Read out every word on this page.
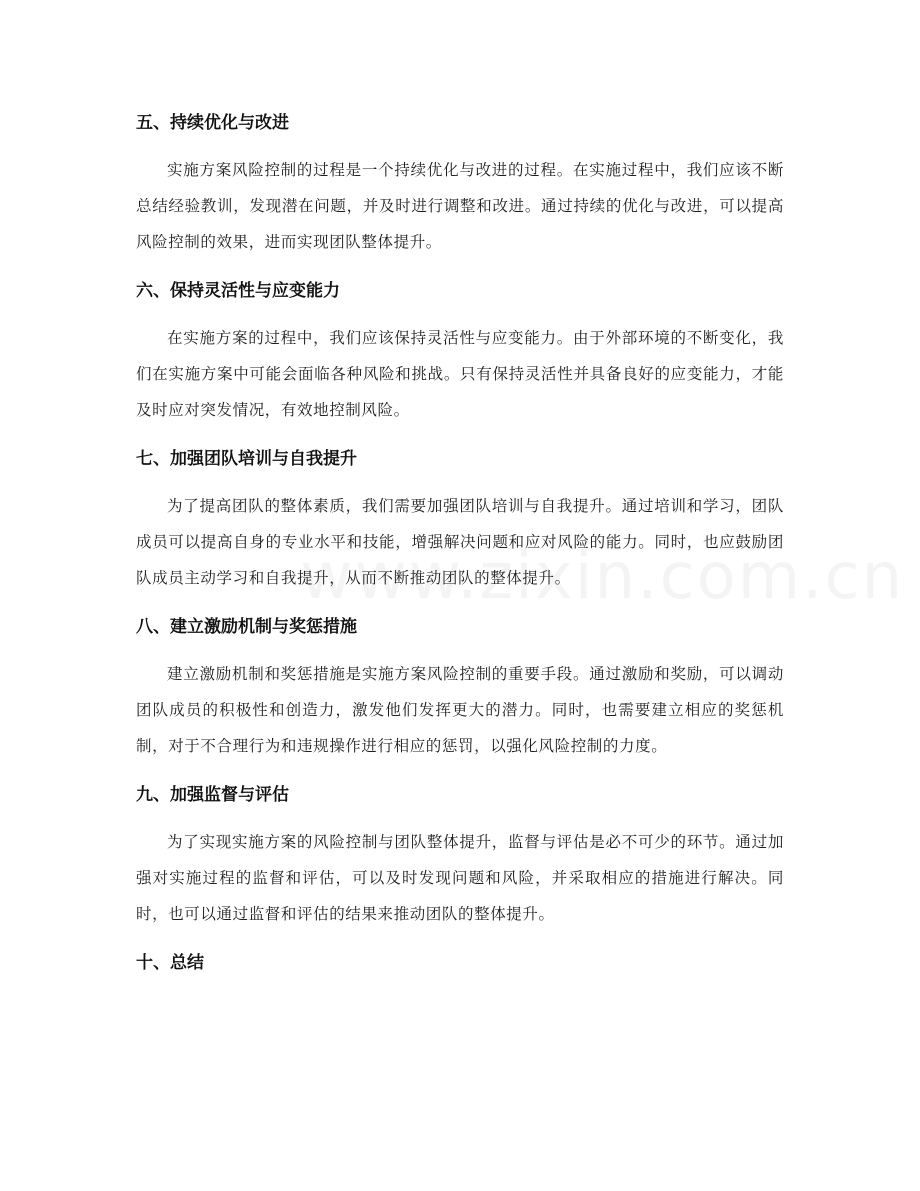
五、持续优化与改进

实施方案风险控制的过程是一个持续优化与改进的过程。在实施过程中，我们应该不断总结经验教训，发现潜在问题，并及时进行调整和改进。通过持续的优化与改进，可以提高风险控制的效果，进而实现团队整体提升。

六、保持灵活性与应变能力

在实施方案的过程中，我们应该保持灵活性与应变能力。由于外部环境的不断变化，我们在实施方案中可能会面临各种风险和挑战。只有保持灵活性并具备良好的应变能力，才能及时应对突发情况，有效地控制风险。

七、加强团队培训与自我提升

为了提高团队的整体素质，我们需要加强团队培训与自我提升。通过培训和学习，团队成员可以提高自身的专业水平和技能，增强解决问题和应对风险的能力。同时，也应鼓励团队成员主动学习和自我提升，从而不断推动团队的整体提升。

八、建立激励机制与奖惩措施

建立激励机制和奖惩措施是实施方案风险控制的重要手段。通过激励和奖励，可以调动团队成员的积极性和创造力，激发他们发挥更大的潜力。同时，也需要建立相应的奖惩机制，对于不合理行为和违规操作进行相应的惩罚，以强化风险控制的力度。

九、加强监督与评估

为了实现实施方案的风险控制与团队整体提升，监督与评估是必不可少的环节。通过加强对实施过程的监督和评估，可以及时发现问题和风险，并采取相应的措施进行解决。同时，也可以通过监督和评估的结果来推动团队的整体提升。

十、总结
